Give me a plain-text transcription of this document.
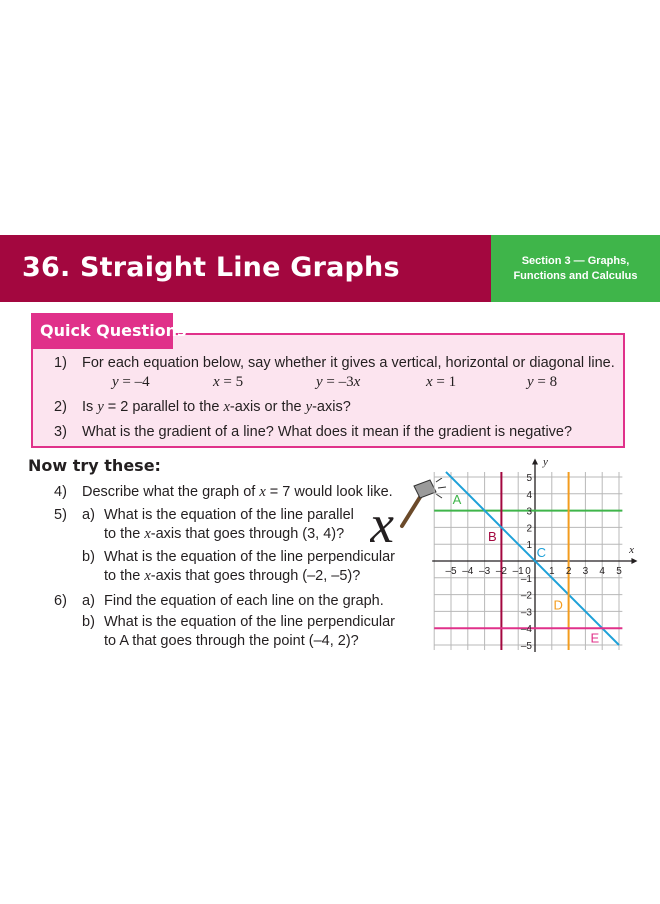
36. Straight Line Graphs	Section 3 — Graphs,
Functions and Calculus
Quick Questions
1) For each equation below, say whether it gives a vertical, horizontal or diagonal line.
y = –4	x = 5	y = –3x	x = 1	y = 8
2) Is y = 2 parallel to the x-axis or the y-axis?
3) What is the gradient of a line? What does it mean if the gradient is negative?
Now try these:
4) Describe what the graph of x = 7 would look like.
5) a) What is the equation of the line parallel
to the x-axis that goes through (3, 4)?
b) What is the equation of the line perpendicular
to the x-axis that goes through (–2, –5)?
6) a) Find the equation of each line on the graph.
b) What is the equation of the line perpendicular
to A that goes through the point (–4, 2)?
x	x
y
A
B
C
D
E
–5 –4 –3 –2 –1 0 1 2 3 4 5
5
4
3
2
1
–1
–2
–3
–4
–5
